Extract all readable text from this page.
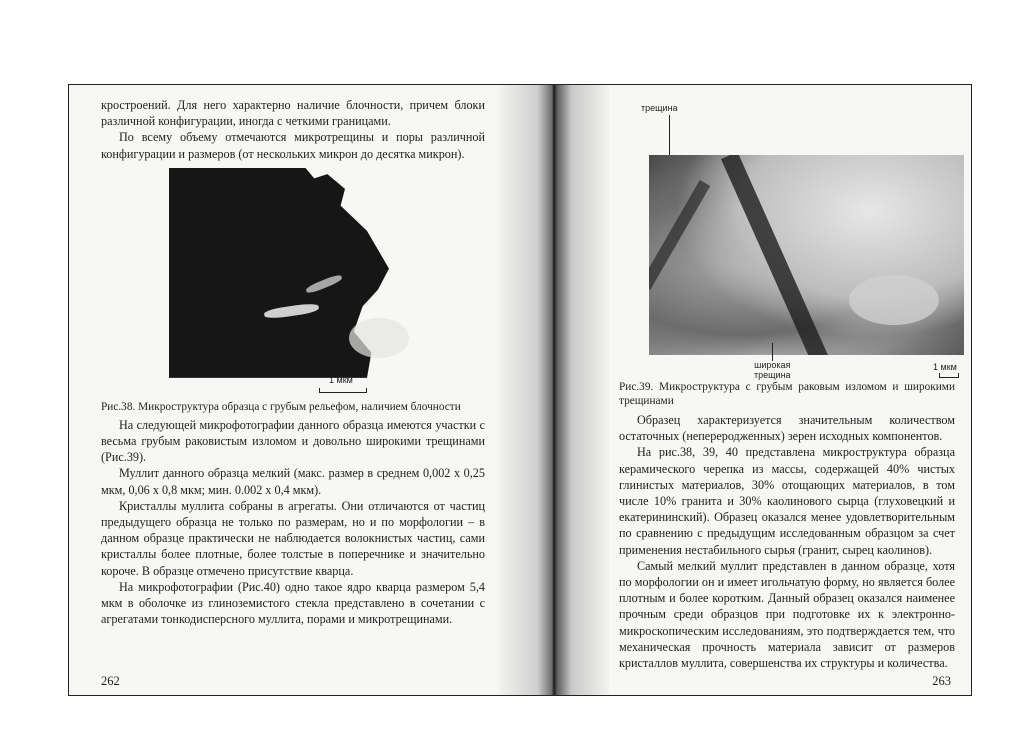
кростроений. Для него характерно наличие блочности, причем блоки различной конфигурации, иногда с четкими границами.

По всему объему отмечаются микротрещины и поры различной конфигурации и размеров (от нескольких микрон до десятка микрон).

1 мкм

Рис.38. Микроструктура образца с грубым рельефом, наличием блочности

На следующей микрофотографии данного образца имеются участки с весьма грубым раковистым изломом и довольно широкими трещинами (Рис.39).

Муллит данного образца мелкий (макс. размер в среднем 0,002 х 0,25 мкм, 0,06 х 0,8 мкм; мин. 0.002 х 0,4 мкм).

Кристаллы муллита собраны в агрегаты. Они отличаются от частиц предыдущего образца не только по размерам, но и по морфологии – в данном образце практически не наблюдается волокнистых частиц, сами кристаллы более плотные, более толстые в поперечнике и значительно короче. В образце отмечено присутствие кварца.

На микрофотографии (Рис.40) одно такое ядро кварца размером 5,4 мкм в оболочке из глиноземистого стекла представлено в сочетании с агрегатами тонкодисперсного муллита, порами и микротрещинами.

262
трещина
широкая
трещина
1 мкм

Рис.39. Микроструктура с грубым раковым изломом и широкими трещинами

Образец характеризуется значительным количеством остаточных (непереродженных) зерен исходных компонентов.

На рис.38, 39, 40 представлена микроструктура образца керамического черепка из массы, содержащей 40% чистых глинистых материалов, 30% отощающих материалов, в том числе 10% гранита и 30% каолинового сырца (глуховецкий и екатерининский). Образец оказался менее удовлетворительным по сравнению с предыдущим исследованным образцом за счет применения нестабильного сырья (гранит, сырец каолинов).

Самый мелкий муллит представлен в данном образце, хотя по морфологии он и имеет игольчатую форму, но является более плотным и более коротким. Данный образец оказался наименее прочным среди образцов при подготовке их к электронно-микроскопическим исследованиям, это подтверждается тем, что механическая прочность материала зависит от размеров кристаллов муллита, совершенства их структуры и количества.

263
